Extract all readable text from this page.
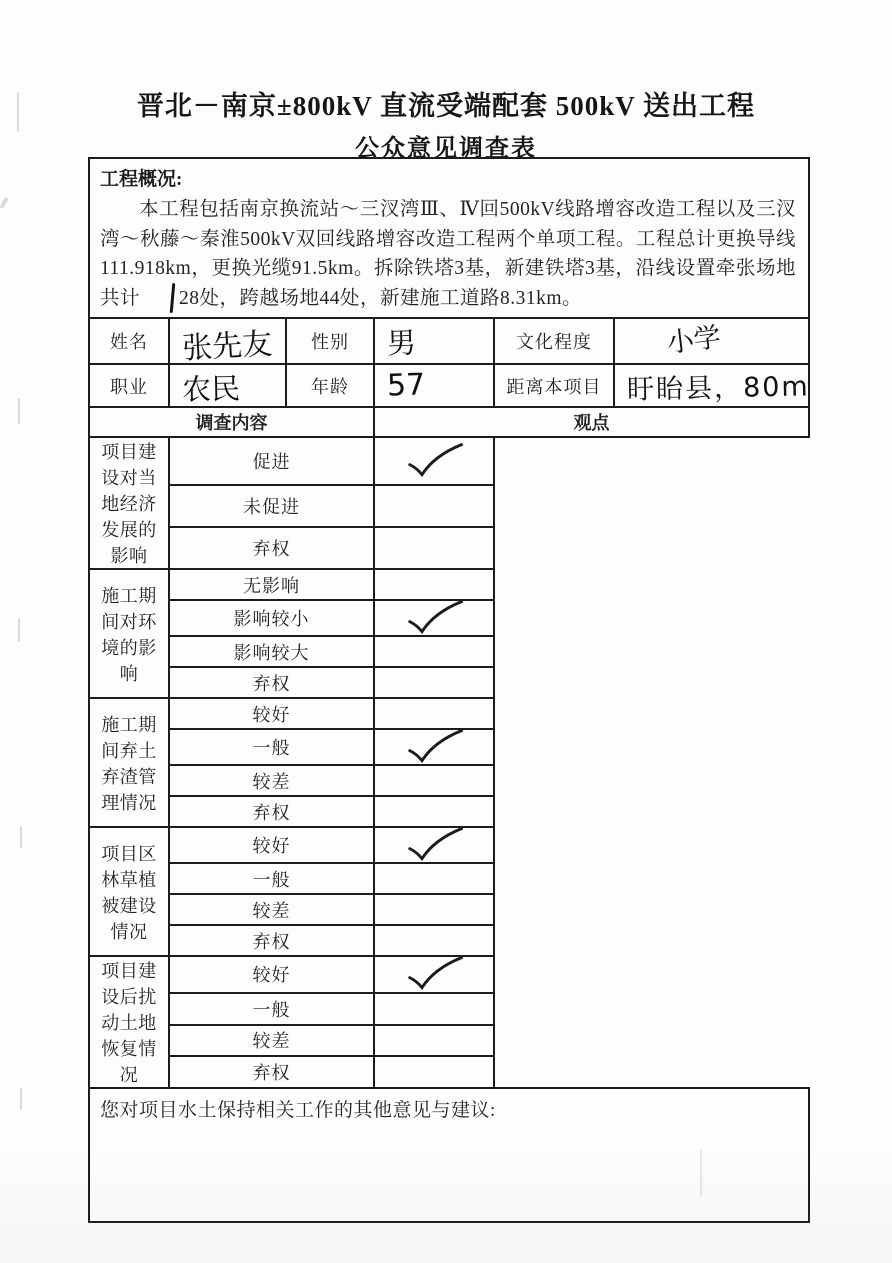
晋北－南京±800kV 直流受端配套 500kV 送出工程
公众意见调查表
工程概况:
本工程包括南京换流站～三汊湾Ⅲ、Ⅳ回500kV线路增容改造工程以及三汊湾～秋藤～秦淮500kV双回线路增容改造工程两个单项工程。工程总计更换导线111.918km，更换光缆91.5km。拆除铁塔3基，新建铁塔3基，沿线设置牵张场地共计 28处，跨越场地44处，新建施工道路8.31km。					

姓名	张先友	性别	男	文化程度	小学
职业	农民	年龄	57	距离本项目	盱眙县，80m
调查内容			观点		
项目建设对当地经济发展的影响	促进	

	未促进				
	弃权				
施工期间对环境的影响	无影响				
	影响较小	

	影响较大				
	弃权				
施工期间弃土弃渣管理情况	较好				
	一般	

	较差				
	弃权				
项目区林草植被建设情况	较好	

	一般				
	较差				
	弃权				
项目建设后扰动土地恢复情况	较好	

	一般				
	较差				
	弃权				

您对项目水土保持相关工作的其他意见与建议:					
